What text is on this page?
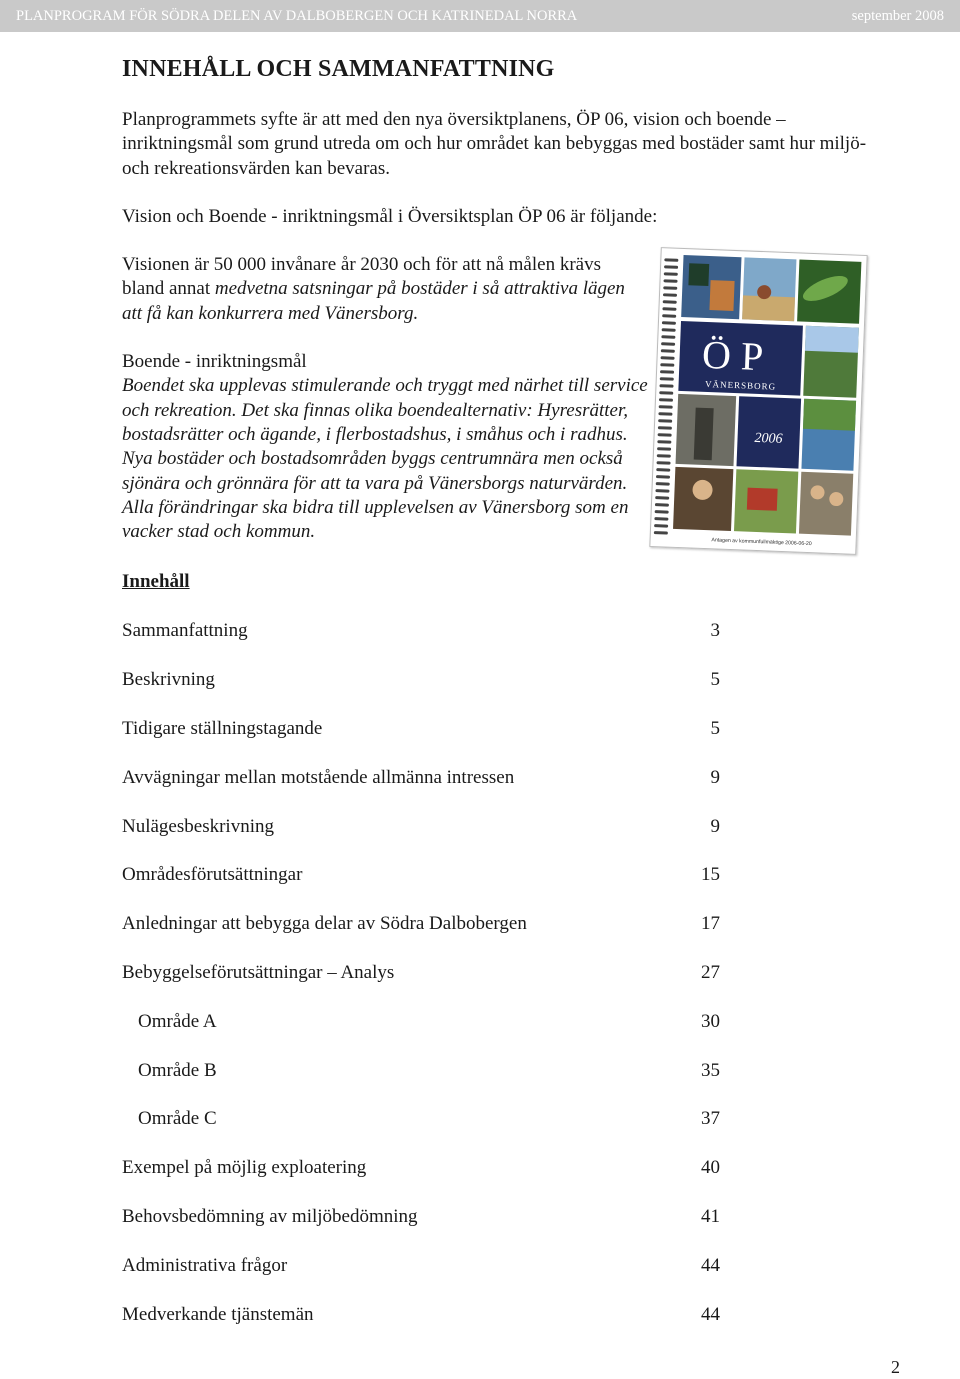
PLANPROGRAM FÖR SÖDRA DELEN AV DALBOBERGEN OCH KATRINEDAL NORRA	september 2008
INNEHÅLL OCH SAMMANFATTNING

Planprogrammets syfte är att med den nya översiktplanens, ÖP 06, vision och boende – inriktningsmål som grund utreda om och hur området kan bebyggas med bostäder samt hur miljö- och rekreationsvärden kan bevaras.

Vision och Boende - inriktningsmål i Översiktsplan ÖP 06 är följande:

Visionen är 50 000 invånare år 2030 och för att nå målen krävs bland annat medvetna satsningar på bostäder i så attraktiva lägen att få kan konkurrera med Vänersborg.

Boende - inriktningsmål
Boendet ska upplevas stimulerande och tryggt med närhet till service och rekreation. Det ska finnas olika boendealternativ: Hyresrätter, bostadsrätter och ägande, i flerbostadshus, i småhus och i radhus. Nya bostäder och bostadsområden byggs centrumnära men också sjönära och grönnära för att ta vara på Vänersborgs naturvärden. Alla förändringar ska bidra till upplevelsen av Vänersborg som en vacker stad och kommun.
Innehåll
Sammanfattning	3
Beskrivning	5
Tidigare ställningstagande	5
Avvägningar mellan motstående allmänna intressen	9
Nulägesbeskrivning	9
Områdesförutsättningar	15
Anledningar att bebygga delar av Södra Dalbobergen	17
Bebyggelseförutsättningar – Analys	27
Område A	30
Område B	35
Område C	37
Exempel på möjlig exploatering	40
Behovsbedömning av miljöbedömning	41
Administrativa frågor	44
Medverkande tjänstemän	44
ÖP
VÄNERSBORG
2006
Antagen av kommunfullmäktige 2006-06-20
2
